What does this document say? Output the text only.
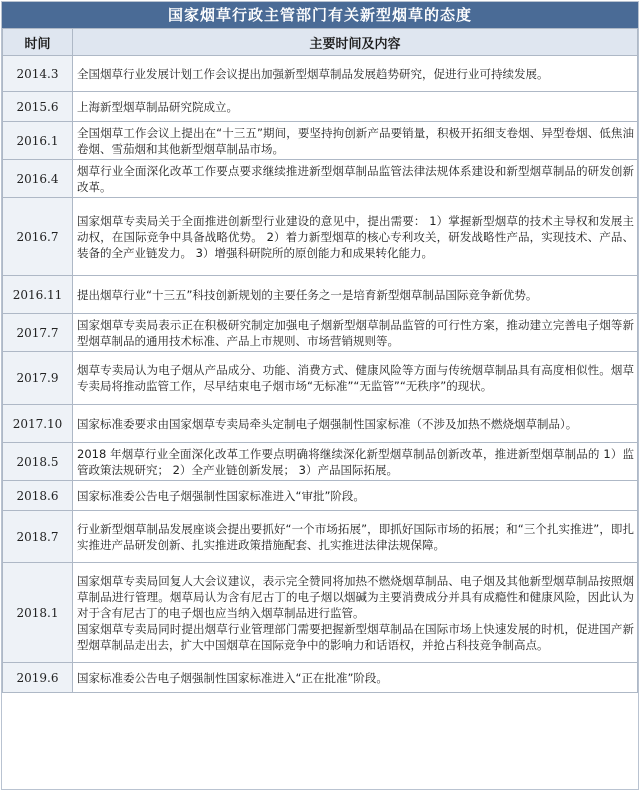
国家烟草行政主管部门有关新型烟草的态度
时间	主要时间及内容
2014.3	全国烟草行业发展计划工作会议提出加强新型烟草制品发展趋势研究，促进行业可持续发展。
2015.6	上海新型烟草制品研究院成立。
2016.1	全国烟草工作会议上提出在“十三五”期间，要坚持拘创新产品要销量，积极开拓细支卷烟、异型卷烟、低焦油卷烟、雪茄烟和其他新型烟草制品市场。
2016.4	烟草行业全面深化改革工作要点要求继续推进新型烟草制品监管法律法规体系建设和新型烟草制品的研发创新改革。
2016.7	国家烟草专卖局关于全面推进创新型行业建设的意见中，提出需要： 1）掌握新型烟草的技术主导权和发展主动权，在国际竞争中具备战略优势。 2）着力新型烟草的核心专利攻关，研发战略性产品，实现技术、产品、装备的全产业链发力。 3）增强科研院所的原创能力和成果转化能力。
2016.11	提出烟草行业“十三五”科技创新规划的主要任务之一是培育新型烟草制品国际竞争新优势。
2017.7	国家烟草专卖局表示正在积极研究制定加强电子烟新型烟草制品监管的可行性方案，推动建立完善电子烟等新型烟草制品的通用技术标准、产品上市规则、市场营销规则等。
2017.9	烟草专卖局认为电子烟从产品成分、功能、消费方式、健康风险等方面与传统烟草制品具有高度相似性。烟草专卖局将推动监管工作，尽早结束电子烟市场“无标准”“无监管”“无秩序”的现状。
2017.10	国家标准委要求由国家烟草专卖局牵头定制电子烟强制性国家标准（不涉及加热不燃烧烟草制品）。
2018.5	2018 年烟草行业全面深化改革工作要点明确将继续深化新型烟草制品创新改革，推进新型烟草制品的 1）监管政策法规研究； 2）全产业链创新发展； 3）产品国际拓展。
2018.6	国家标准委公告电子烟强制性国家标准进入“审批”阶段。
2018.7	行业新型烟草制品发展座谈会提出要抓好“一个市场拓展”，即抓好国际市场的拓展；和“三个扎实推进”，即扎实推进产品研发创新、扎实推进政策措施配套、扎实推进法律法规保障。
2018.1	国家烟草专卖局回复人大会议建议，表示完全赞同将加热不燃烧烟草制品、电子烟及其他新型烟草制品按照烟草制品进行管理。烟草局认为含有尼古丁的电子烟以烟碱为主要消费成分并具有成瘾性和健康风险，因此认为对于含有尼古丁的电子烟也应当纳入烟草制品进行监管。
国家烟草专卖局同时提出烟草行业管理部门需要把握新型烟草制品在国际市场上快速发展的时机，促进国产新型烟草制品走出去，扩大中国烟草在国际竞争中的影响力和话语权，并抢占科技竞争制高点。
2019.6	国家标准委公告电子烟强制性国家标准进入“正在批准”阶段。
